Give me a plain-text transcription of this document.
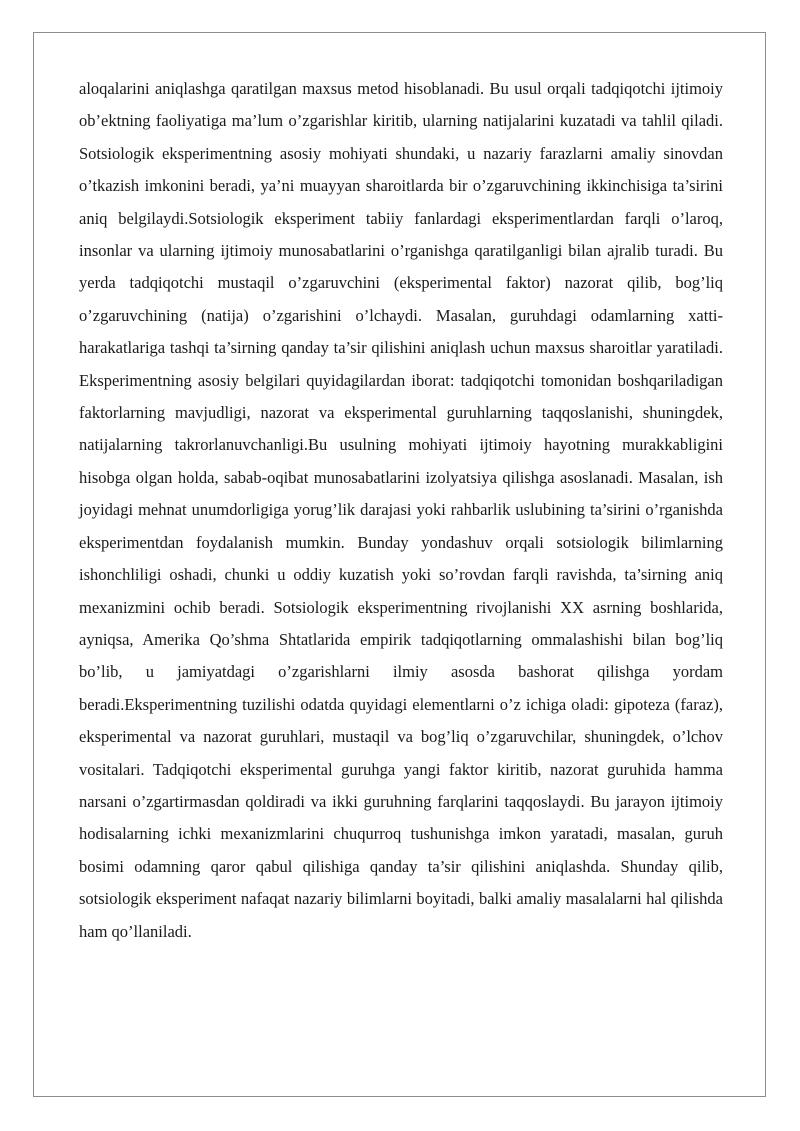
aloqalarini aniqlashga qaratilgan maxsus metod hisoblanadi. Bu usul orqali tadqiqotchi ijtimoiy ob’ektning faoliyatiga ma’lum o’zgarishlar kiritib, ularning natijalarini kuzatadi va tahlil qiladi. Sotsiologik eksperimentning asosiy mohiyati shundaki, u nazariy farazlarni amaliy sinovdan o’tkazish imkonini beradi, ya’ni muayyan sharoitlarda bir o’zgaruvchining ikkinchisiga ta’sirini aniq belgilaydi.Sotsiologik eksperiment tabiiy fanlardagi eksperimentlardan farqli o’laroq, insonlar va ularning ijtimoiy munosabatlarini o’rganishga qaratilganligi bilan ajralib turadi. Bu yerda tadqiqotchi mustaqil o’zgaruvchini (eksperimental faktor) nazorat qilib, bog’liq o’zgaruvchining (natija) o’zgarishini o’lchaydi. Masalan, guruhdagi odamlarning xatti-harakatlariga tashqi ta’sirning qanday ta’sir qilishini aniqlash uchun maxsus sharoitlar yaratiladi. Eksperimentning asosiy belgilari quyidagilardan iborat: tadqiqotchi tomonidan boshqariladigan faktorlarning mavjudligi, nazorat va eksperimental guruhlarning taqqoslanishi, shuningdek, natijalarning takrorlanuvchanligi.Bu usulning mohiyati ijtimoiy hayotning murakkabligini hisobga olgan holda, sabab-oqibat munosabatlarini izolyatsiya qilishga asoslanadi. Masalan, ish joyidagi mehnat unumdorligiga yorug’lik darajasi yoki rahbarlik uslubining ta’sirini o’rganishda eksperimentdan foydalanish mumkin. Bunday yondashuv orqali sotsiologik bilimlarning ishonchliligi oshadi, chunki u oddiy kuzatish yoki so’rovdan farqli ravishda, ta’sirning aniq mexanizmini ochib beradi. Sotsiologik eksperimentning rivojlanishi XX asrning boshlarida, ayniqsa, Amerika Qo’shma Shtatlarida empirik tadqiqotlarning ommalashishi bilan bog’liq bo’lib, u jamiyatdagi o’zgarishlarni ilmiy asosda bashorat qilishga yordam beradi.Eksperimentning tuzilishi odatda quyidagi elementlarni o’z ichiga oladi: gipoteza (faraz), eksperimental va nazorat guruhlari, mustaqil va bog’liq o’zgaruvchilar, shuningdek, o’lchov vositalari. Tadqiqotchi eksperimental guruhga yangi faktor kiritib, nazorat guruhida hamma narsani o’zgartirmasdan qoldiradi va ikki guruhning farqlarini taqqoslaydi. Bu jarayon ijtimoiy hodisalarning ichki mexanizmlarini chuqurroq tushunishga imkon yaratadi, masalan, guruh bosimi odamning qaror qabul qilishiga qanday ta’sir qilishini aniqlashda. Shunday qilib, sotsiologik eksperiment nafaqat nazariy bilimlarni boyitadi, balki amaliy masalalarni hal qilishda ham qo’llaniladi.
